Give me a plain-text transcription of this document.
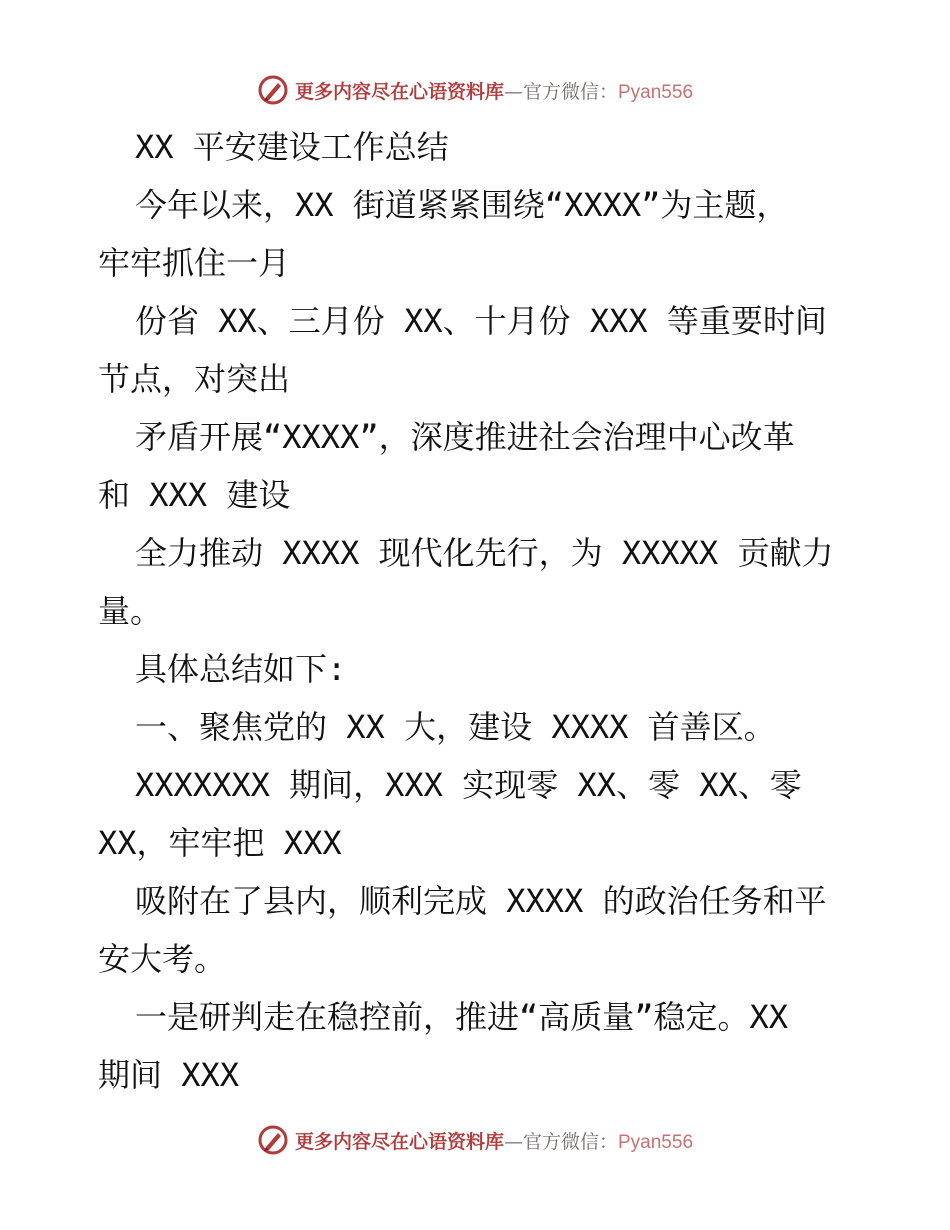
更多内容尽在心语资料库—官方微信：Pyan556

XX 平安建设工作总结

今年以来，XX 街道紧紧围绕“XXXX”为主题，

牢牢抓住一月

份省 XX、三月份 XX、十月份 XXX 等重要时间

节点，对突出

矛盾开展“XXXX”，深度推进社会治理中心改革

和 XXX 建设

全力推动 XXXX 现代化先行，为 XXXXX 贡献力

量。

具体总结如下:

一、聚焦党的 XX 大，建设 XXXX 首善区。

XXXXXXX 期间，XXX 实现零 XX、零 XX、零

XX，牢牢把 XXX

吸附在了县内，顺利完成 XXXX 的政治任务和平

安大考。

一是研判走在稳控前，推进“高质量”稳定。XX

期间 XXX

更多内容尽在心语资料库—官方微信：Pyan556
